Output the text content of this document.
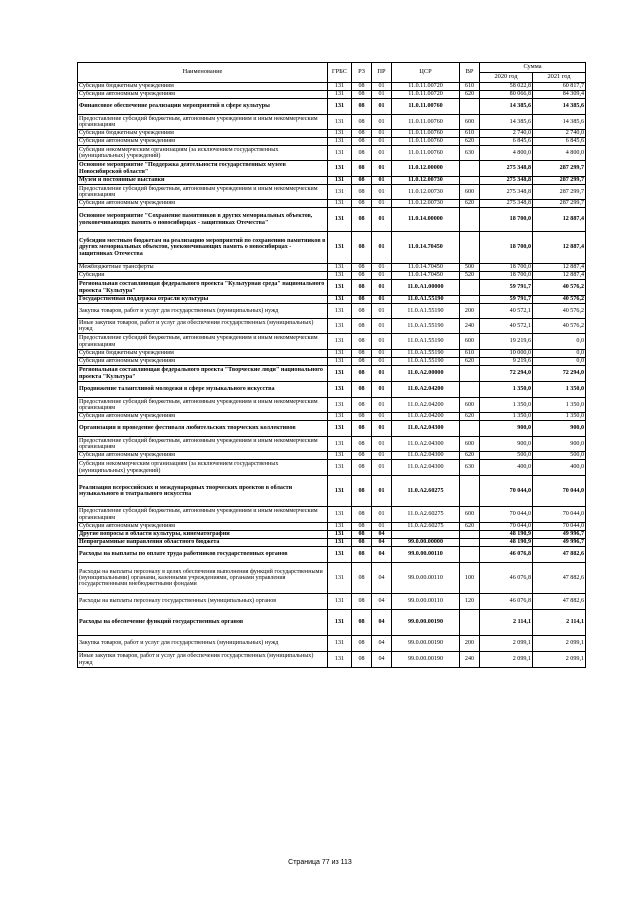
Наименование	ГРБС	РЗ	ПР	ЦСР	ВР	Сумма	
						2020 год	2021 год
Субсидии бюджетным учреждениям	131	08	01	11.0.11.00720	610	58 022,8	60 817,7
Субсидии автономным учреждениям	131	08	01	11.0.11.00720	620	80 066,8	84 309,4
Финансовое обеспечение реализации мероприятий в сфере культуры	131	08	01	11.0.11.00760		14 385,6	14 385,6
Предоставление субсидий бюджетным, автономным учреждениям и иным некоммерческим организациям	131	08	01	11.0.11.00760	600	14 385,6	14 385,6
Субсидии бюджетным учреждениям	131	08	01	11.0.11.00760	610	2 740,0	2 740,0
Субсидии автономным учреждениям	131	08	01	11.0.11.00760	620	6 845,6	6 845,6
Субсидии некоммерческим организациям (за исключением государственных (муниципальных) учреждений)	131	08	01	11.0.11.00760	630	4 800,0	4 800,0
Основное мероприятие "Поддержка деятельности государственных музеев Новосибирской области"	131	08	01	11.0.12.00000		275 348,8	287 299,7
Музеи и постоянные выставки	131	08	01	11.0.12.00730		275 348,8	287 299,7
Предоставление субсидий бюджетным, автономным учреждениям и иным некоммерческим организациям	131	08	01	11.0.12.00730	600	275 348,8	287 299,7
Субсидии автономным учреждениям	131	08	01	11.0.12.00730	620	275 348,8	287 299,7
Основное мероприятие "Сохранение памятников в других мемориальных объектов, увековечивающих память о новосибирцах - защитниках Отечества"	131	08	01	11.0.14.00000		18 700,0	12 887,4
Субсидии местным бюджетам на реализацию мероприятий по сохранению памятников в других мемориальных объектов, увековечивающих память о новосибирцах - защитниках Отечества	131	08	01	11.0.14.70450		18 700,0	12 887,4
Межбюджетные трансферты	131	08	01	11.0.14.70450	500	18 700,0	12 887,4
Субсидии	131	08	01	11.0.14.70450	520	18 700,0	12 887,4
Региональная составляющая федерального проекта "Культурная среда" национального проекта "Культура"	131	08	01	11.0.A1.00000		59 791,7	40 576,2
Государственная поддержка отрасли культуры	131	08	01	11.0.A1.55190		59 791,7	40 576,2
Закупка товаров, работ и услуг для государственных (муниципальных) нужд	131	08	01	11.0.A1.55190	200	40 572,1	40 576,2
Иные закупки товаров, работ и услуг для обеспечения государственных (муниципальных) нужд	131	08	01	11.0.A1.55190	240	40 572,1	40 576,2
Предоставление субсидий бюджетным, автономным учреждениям и иным некоммерческим организациям	131	08	01	11.0.A1.55190	600	19 219,6	0,0
Субсидии бюджетным учреждениям	131	08	01	11.0.A1.55190	610	10 000,0	0,0
Субсидии автономным учреждениям	131	08	01	11.0.A1.55190	620	9 219,6	0,0
Региональная составляющая федерального проекта "Творческие люди" национального проекта "Культура"	131	08	01	11.0.A2.00000		72 294,0	72 294,0
Продвижение талантливой молодежи в сфере музыкального искусства	131	08	01	11.0.A2.04200		1 350,0	1 350,0
Предоставление субсидий бюджетным, автономным учреждениям и иным некоммерческим организациям	131	08	01	11.0.A2.04200	600	1 350,0	1 350,0
Субсидии автономным учреждениям	131	08	01	11.0.A2.04200	620	1 350,0	1 350,0
Организация и проведение фестиваля любительских творческих коллективов	131	08	01	11.0.A2.04300		900,0	900,0
Предоставление субсидий бюджетным, автономным учреждениям и иным некоммерческим организациям	131	08	01	11.0.A2.04300	600	900,0	900,0
Субсидии автономным учреждениям	131	08	01	11.0.A2.04300	620	500,0	500,0
Субсидии некоммерческим организациям (за исключением государственных (муниципальных) учреждений)	131	08	01	11.0.A2.04300	630	400,0	400,0
Реализация всероссийских и международных творческих проектов в области музыкального и театрального искусства	131	08	01	11.0.A2.60275		70 044,0	70 044,0
Предоставление субсидий бюджетным, автономным учреждениям и иным некоммерческим организациям	131	08	01	11.0.A2.60275	600	70 044,0	70 044,0
Субсидии автономным учреждениям	131	08	01	11.0.A2.60275	620	70 044,0	70 044,0
Другие вопросы в области культуры, кинематографии	131	08	04			48 190,9	49 996,7
Непрограммные направления областного бюджета	131	08	04	99.0.00.00000		48 190,9	49 996,7
Расходы на выплаты по оплате труда работников государственных органов	131	08	04	99.0.00.00110		46 076,8	47 882,6
Расходы на выплаты персоналу в целях обеспечения выполнения функций государственными (муниципальными) органами, казенными учреждениями, органами управления государственными внебюджетными фондами	131	08	04	99.0.00.00110	100	46 076,8	47 882,6
Расходы на выплаты персоналу государственных (муниципальных) органов	131	08	04	99.0.00.00110	120	46 076,8	47 882,6
Расходы на обеспечение функций государственных органов	131	08	04	99.0.00.00190		2 114,1	2 114,1
Закупка товаров, работ и услуг для государственных (муниципальных) нужд	131	08	04	99.0.00.00190	200	2 099,1	2 099,1
Иные закупки товаров, работ и услуг для обеспечения государственных (муниципальных) нужд	131	08	04	99.0.00.00190	240	2 099,1	2 099,1
Страница 77 из 113
